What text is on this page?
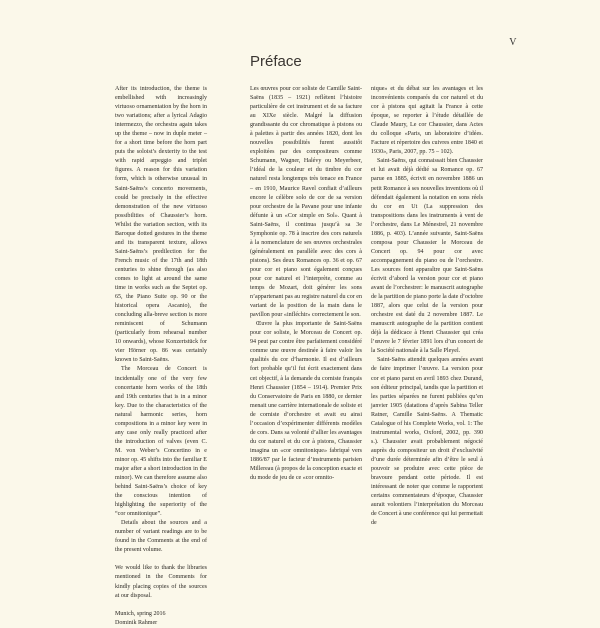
V

After its introduction, the theme is embellished with increasingly virtuoso ornamentation by the horn in two variations; after a lyrical Adagio intermezzo, the orchestra again takes up the theme – now in duple meter – for a short time before the horn part puts the soloist’s dexterity to the test with rapid arpeggio and triplet figures. A reason for this variation form, which is otherwise unusual in Saint-Saëns’s concerto movements, could be precisely in the effective demonstration of the new virtuoso possibilities of Chaussier’s horn. Whilst the variation section, with its Baroque dotted gestures in the theme and its transparent texture, allows Saint-Saëns’s predilection for the French music of the 17th and 18th centuries to shine through (as also comes to light at around the same time in works such as the Septet op. 65, the Piano Suite op. 90 or the historical opera Ascanio), the concluding alla-breve section is more reminiscent of Schumann (particularly from rehearsal number 10 onwards), whose Konzertstück for vier Hörner op. 86 was certainly known to Saint-Saëns.

The Morceau de Concert is incidentally one of the very few concertante horn works of the 18th and 19th centuries that is in a minor key. Due to the characteristics of the natural harmonic series, horn compositions in a minor key were in any case only really practiced after the introduction of valves (even C. M. von Weber’s Concertino in e minor op. 45 shifts into the familiar E major after a short introduction in the minor). We can therefore assume also behind Saint-Saëns’s choice of key the conscious intention of highlighting the superiority of the “cor omnitonique”.

Details about the sources and a number of variant readings are to be found in the Comments at the end of the present volume.

We would like to thank the libraries mentioned in the Comments for kindly placing copies of the sources at our disposal.

Munich, spring 2016
Dominik Rahmer
Préface

Les œuvres pour cor soliste de Camille Saint-Saëns (1835 – 1921) reflètent l’histoire particulière de cet instrument et de sa facture au XIXe siècle. Malgré la diffusion grandissante du cor chromatique à pistons ou à palettes à partir des années 1820, dont les nouvelles possibilités furent aussitôt exploitées par des compositeurs comme Schumann, Wagner, Halévy ou Meyerbeer, l’idéal de la couleur et du timbre du cor naturel resta longtemps très tenace en France – en 1910, Maurice Ravel confiait d’ailleurs encore le célèbre solo de cor de sa version pour orchestre de la Pavane pour une infante défunte à un «Cor simple en Sol». Quant à Saint-Saëns, il continua jusqu’à sa 3e Symphonie op. 78 à inscrire des cors naturels à la nomenclature de ses œuvres orchestrales (généralement en parallèle avec des cors à pistons). Ses deux Romances op. 36 et op. 67 pour cor et piano sont également conçues pour cor naturel et l’interprète, comme au temps de Mozart, doit générer les sons n’appartenant pas au registre naturel du cor en variant de la position de la main dans le pavillon pour «infléchir» correctement le son.

Œuvre la plus importante de Saint-Saëns pour cor soliste, le Morceau de Concert op. 94 peut par contre être parfaitement considéré comme une œuvre destinée à faire valoir les qualités du cor d’harmonie. Il est d’ailleurs fort probable qu’il fut écrit exactement dans cet objectif, à la demande du corniste français Henri Chaussier (1854 – 1914). Premier Prix du Conservatoire de Paris en 1880, ce dernier menait une carrière internationale de soliste et de corniste d’orchestre et avait eu ainsi l’occasion d’expérimenter différents modèles de cors. Dans sa volonté d’allier les avantages du cor naturel et du cor à pistons, Chaussier imagina un «cor omnitonique» fabriqué vers 1886/87 par le facteur d’instruments parisien Millereau (à propos de la conception exacte et du mode de jeu de ce «cor omnito-

nique» et du débat sur les avantages et les inconvénients comparés du cor naturel et du cor à pistons qui agitait la France à cette époque, se reporter à l’étude détaillée de Claude Maury, Le cor Chaussier, dans Actes du colloque «Paris, un laboratoire d’idées. Facture et répertoire des cuivres entre 1840 et 1930», Paris, 2007, pp. 75 – 102).

Saint-Saëns, qui connaissait bien Chaussier et lui avait déjà dédié sa Romance op. 67 parue en 1885, écrivit en novembre 1886 un petit Romance à ses nouvelles inventions où il défendait également la notation en sons réels du cor en Ut (La suppression des transpositions dans les instruments à vent de l’orchestre, dans Le Ménestrel, 21 novembre 1886, p. 403). L’année suivante, Saint-Saëns composa pour Chaussier le Morceau de Concert op. 94 pour cor avec accompagnement du piano ou de l’orchestre. Les sources font apparaître que Saint-Saëns écrivit d’abord la version pour cor et piano avant de l’orchestrer: le manuscrit autographe de la partition de piano porte la date d’octobre 1887, alors que celui de la version pour orchestre est daté du 2 novembre 1887. Le manuscrit autographe de la partition contient déjà la dédicace à Henri Chaussier qui créa l’œuvre le 7 février 1891 lors d’un concert de la Société nationale à la Salle Pleyel.

Saint-Saëns attendit quelques années avant de faire imprimer l’œuvre. La version pour cor et piano parut en avril 1893 chez Durand, son éditeur principal, tandis que la partition et les parties séparées ne furent publiées qu’en janvier 1905 (datations d’après Sabina Teller Ratner, Camille Saint-Saëns. A Thematic Catalogue of his Complete Works, vol. 1: The instrumental works, Oxford, 2002, pp. 390 s.). Chaussier avait probablement négocié auprès du compositeur un droit d’exclusivité d’une durée déterminée afin d’être le seul à pouvoir se produire avec cette pièce de bravoure pendant cette période. Il est intéressant de noter que comme le rapportent certains commentateurs d’époque, Chaussier aurait volontiers l’interprétation du Morceau de Concert à une conférence qui lui permettait de
